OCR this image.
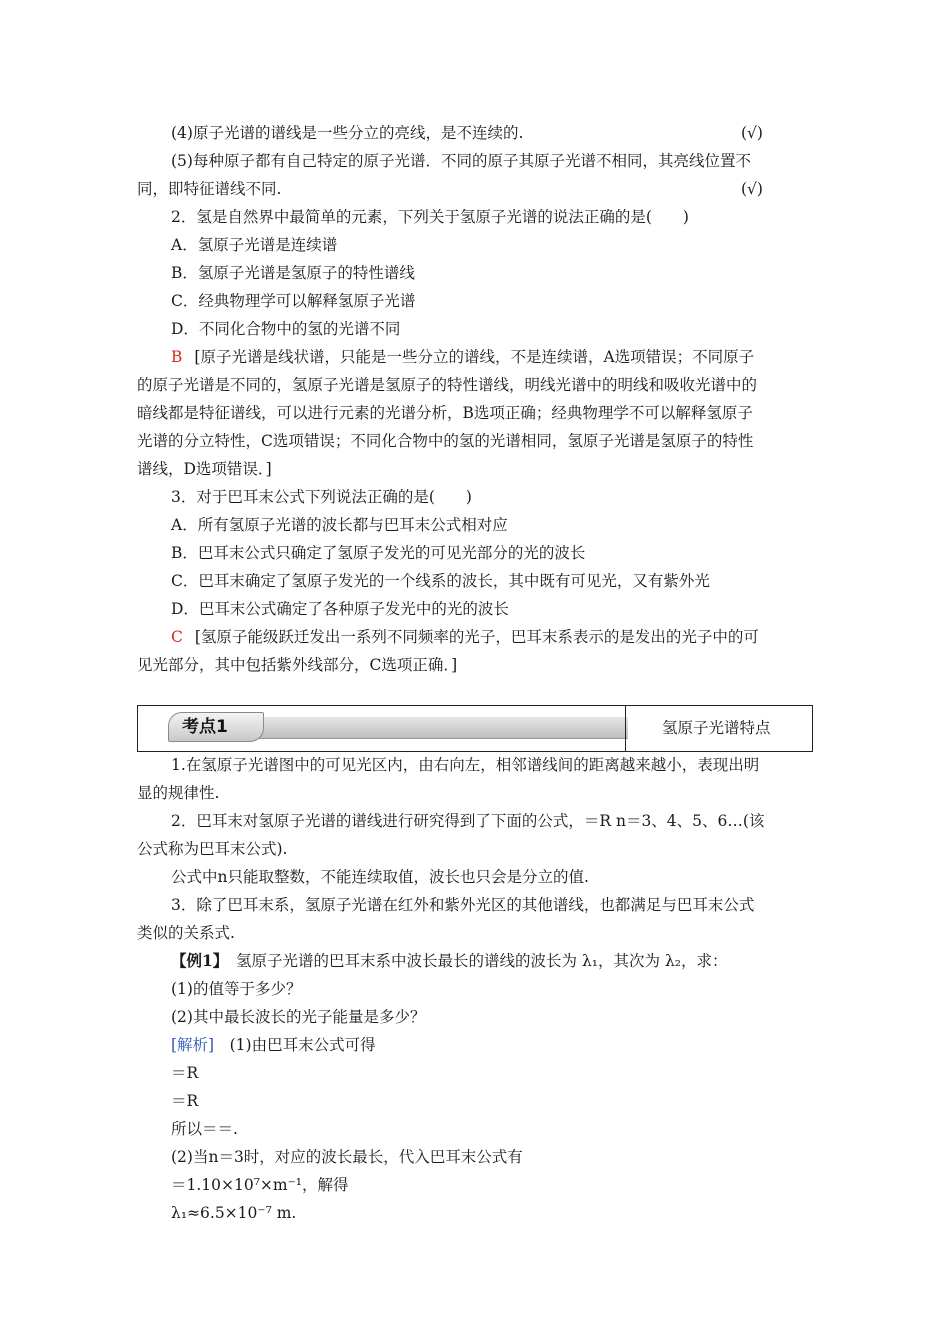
(4)原子光谱的谱线是一些分立的亮线，是不连续的.	(√)
(5)每种原子都有自己特定的原子光谱．不同的原子其原子光谱不相同，其亮线位置不
同，即特征谱线不同.	(√)
2．氢是自然界中最简单的元素，下列关于氢原子光谱的说法正确的是(　　)
A．氢原子光谱是连续谱
B．氢原子光谱是氢原子的特性谱线
C．经典物理学可以解释氢原子光谱
D．不同化合物中的氢的光谱不同
B [原子光谱是线状谱，只能是一些分立的谱线，不是连续谱，A选项错误；不同原子
的原子光谱是不同的，氢原子光谱是氢原子的特性谱线，明线光谱中的明线和吸收光谱中的
暗线都是特征谱线，可以进行元素的光谱分析，B选项正确；经典物理学不可以解释氢原子
光谱的分立特性，C选项错误；不同化合物中的氢的光谱相同，氢原子光谱是氢原子的特性
谱线，D选项错误．]
3．对于巴耳末公式下列说法正确的是(　　)
A．所有氢原子光谱的波长都与巴耳末公式相对应
B．巴耳末公式只确定了氢原子发光的可见光部分的光的波长
C．巴耳末确定了氢原子发光的一个线系的波长，其中既有可见光，又有紫外光
D．巴耳末公式确定了各种原子发光中的光的波长
C [氢原子能级跃迁发出一系列不同频率的光子，巴耳末系表示的是发出的光子中的可
见光部分，其中包括紫外线部分，C选项正确．]
考点1	氢原子光谱特点
1.在氢原子光谱图中的可见光区内，由右向左，相邻谱线间的距离越来越小，表现出明
显的规律性.
2．巴耳末对氢原子光谱的谱线进行研究得到了下面的公式，＝R n＝3、4、5、6…(该
公式称为巴耳末公式).
公式中n只能取整数，不能连续取值，波长也只会是分立的值.
3．除了巴耳末系，氢原子光谱在红外和紫外光区的其他谱线，也都满足与巴耳末公式
类似的关系式.
【例1】　氢原子光谱的巴耳末系中波长最长的谱线的波长为 λ₁，其次为 λ₂，求：
(1)的值等于多少？
(2)其中最长波长的光子能量是多少？
[解析]　(1)由巴耳末公式可得
＝R
＝R
所以＝＝.
(2)当n＝3时，对应的波长最长，代入巴耳末公式有
＝1.10×10⁷×m⁻¹，解得
λ₁≈6.5×10⁻⁷ m.
